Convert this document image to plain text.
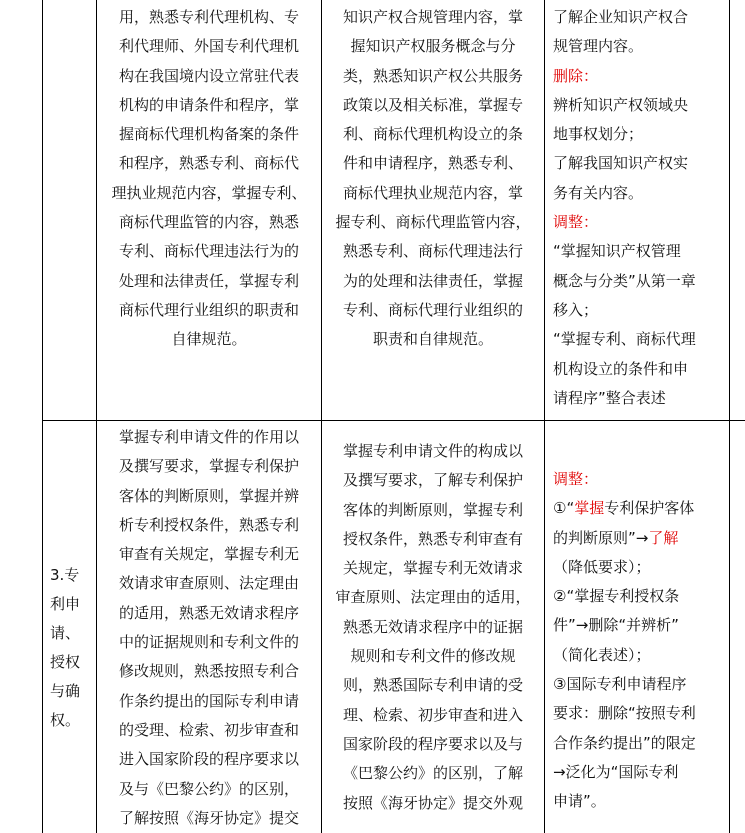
用，熟悉专利代理机构、专
利代理师、外国专利代理机
构在我国境内设立常驻代表
机构的申请条件和程序，掌
握商标代理机构备案的条件
和程序，熟悉专利、商标代
理执业规范内容，掌握专利、
商标代理监管的内容，熟悉
专利、商标代理违法行为的
处理和法律责任，掌握专利
商标代理行业组织的职责和
自律规范。
知识产权合规管理内容，掌
握知识产权服务概念与分
类，熟悉知识产权公共服务
政策以及相关标准，掌握专
利、商标代理机构设立的条
件和申请程序，熟悉专利、
商标代理执业规范内容，掌
握专利、商标代理监管内容，
熟悉专利、商标代理违法行
为的处理和法律责任，掌握
专利、商标代理行业组织的
职责和自律规范。
了解企业知识产权合
规管理内容。
删除：
辨析知识产权领域央
地事权划分；
了解我国知识产权实
务有关内容。
调整：
“掌握知识产权管理
概念与分类”从第一章
移入；
“掌握专利、商标代理
机构设立的条件和申
请程序”整合表述
3.专
利申
请、
授权
与确
权。
掌握专利申请文件的作用以
及撰写要求，掌握专利保护
客体的判断原则，掌握并辨
析专利授权条件，熟悉专利
审查有关规定，掌握专利无
效请求审查原则、法定理由
的适用，熟悉无效请求程序
中的证据规则和专利文件的
修改规则，熟悉按照专利合
作条约提出的国际专利申请
的受理、检索、初步审查和
进入国家阶段的程序要求以
及与《巴黎公约》的区别，
了解按照《海牙协定》提交
掌握专利申请文件的构成以
及撰写要求，了解专利保护
客体的判断原则，掌握专利
授权条件，熟悉专利审查有
关规定，掌握专利无效请求
审查原则、法定理由的适用，
熟悉无效请求程序中的证据
规则和专利文件的修改规
则，熟悉国际专利申请的受
理、检索、初步审查和进入
国家阶段的程序要求以及与
《巴黎公约》的区别，了解
按照《海牙协定》提交外观
调整：
①“掌握专利保护客体
的判断原则”→了解
（降低要求）；
②“掌握专利授权条
件”→删除“并辨析”
（简化表述）；
③国际专利申请程序
要求：删除“按照专利
合作条约提出”的限定
→泛化为“国际专利
申请”。
